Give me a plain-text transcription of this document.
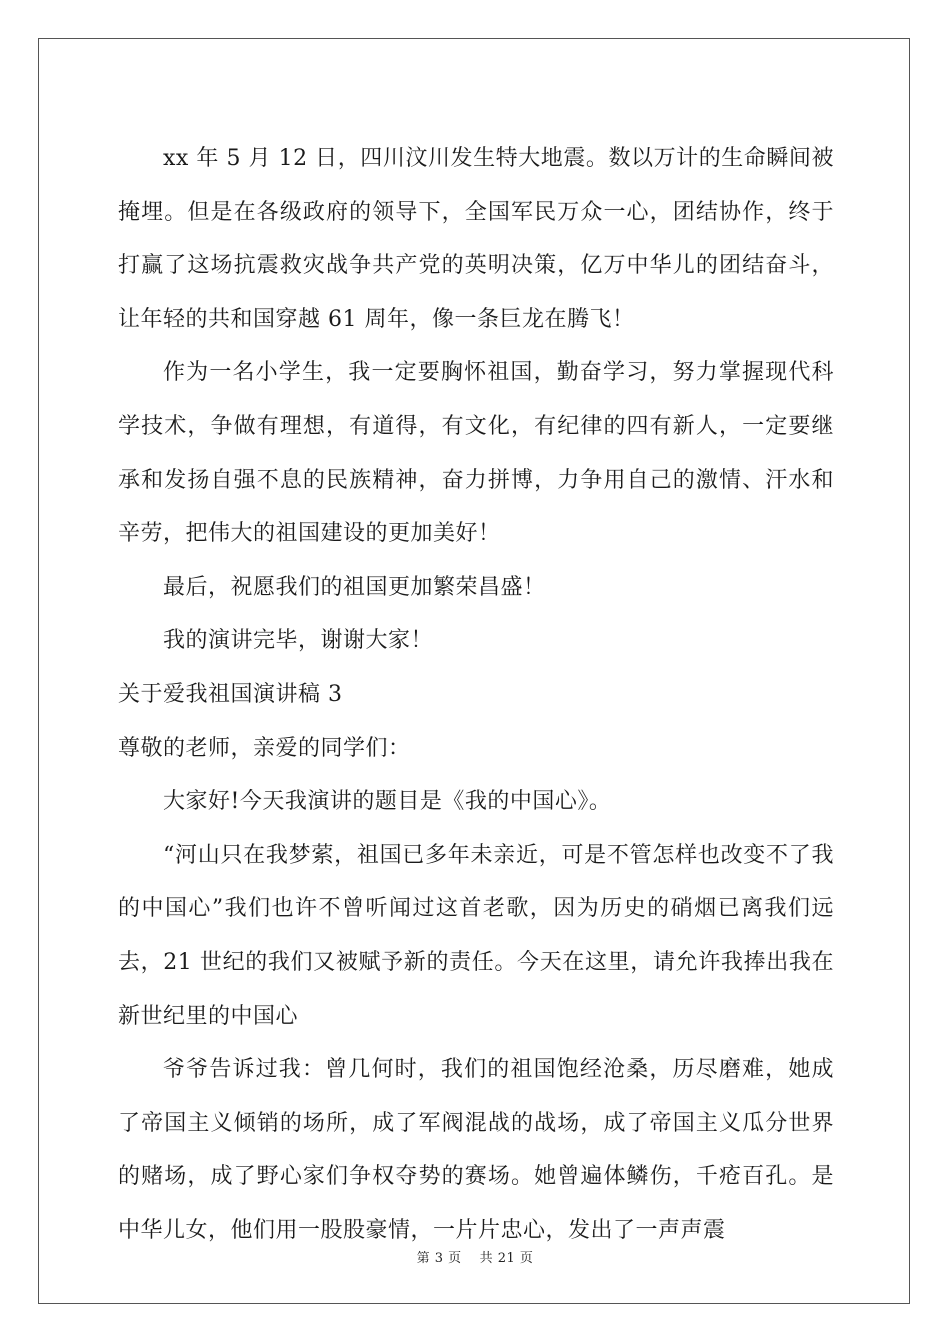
xx 年 5 月 12 日，四川汶川发生特大地震。数以万计的生命瞬间被掩埋。但是在各级政府的领导下，全国军民万众一心，团结协作，终于打赢了这场抗震救灾战争共产党的英明决策，亿万中华儿的团结奋斗，让年轻的共和国穿越 61 周年，像一条巨龙在腾飞！

作为一名小学生，我一定要胸怀祖国，勤奋学习，努力掌握现代科学技术，争做有理想，有道得，有文化，有纪律的四有新人，一定要继承和发扬自强不息的民族精神，奋力拼博，力争用自己的激情、汗水和辛劳，把伟大的祖国建设的更加美好！

最后，祝愿我们的祖国更加繁荣昌盛！

我的演讲完毕，谢谢大家！

关于爱我祖国演讲稿 3

尊敬的老师，亲爱的同学们：

大家好!今天我演讲的题目是《我的中国心》。

“河山只在我梦萦，祖国已多年未亲近，可是不管怎样也改变不了我的中国心”我们也许不曾听闻过这首老歌，因为历史的硝烟已离我们远去，21 世纪的我们又被赋予新的责任。今天在这里，请允许我捧出我在新世纪里的中国心

爷爷告诉过我：曾几何时，我们的祖国饱经沧桑，历尽磨难，她成了帝国主义倾销的场所，成了军阀混战的战场，成了帝国主义瓜分世界的赌场，成了野心家们争权夺势的赛场。她曾遍体鳞伤，千疮百孔。是中华儿女，他们用一股股豪情，一片片忠心，发出了一声声震

第 3 页 共 21 页
